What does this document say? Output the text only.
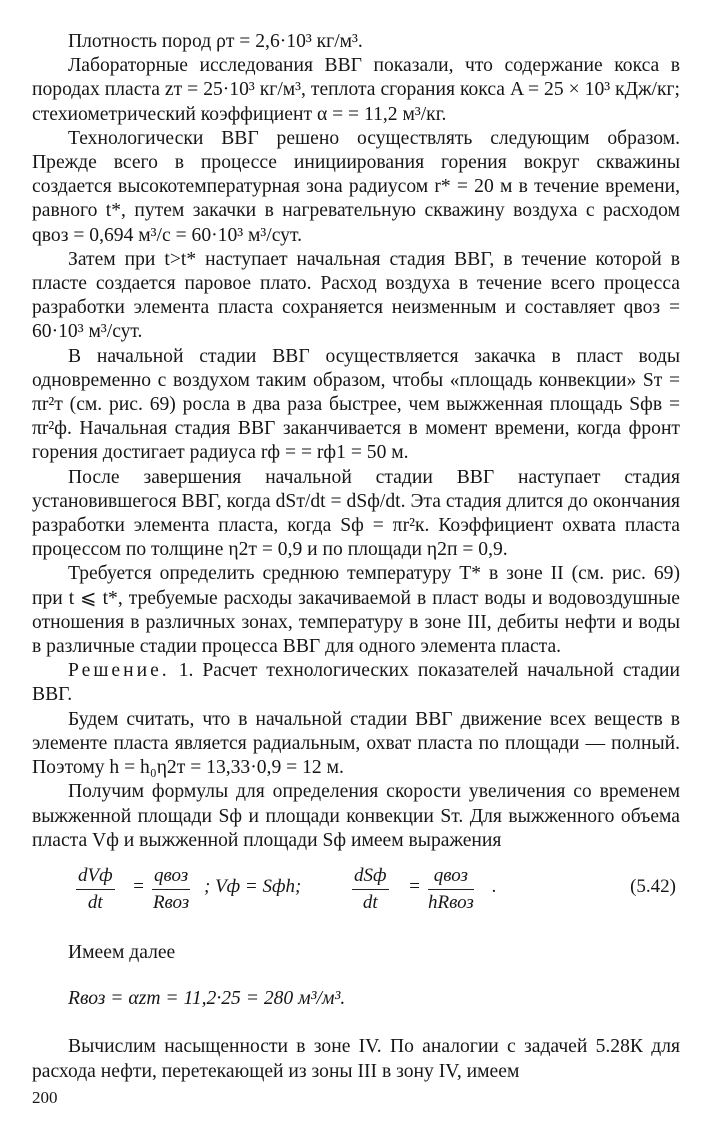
Плотность пород ρт = 2,6·10³ кг/м³.

Лабораторные исследования ВВГ показали, что содержание кокса в породах пласта zт = 25·10³ кг/м³, теплота сгорания кокса A = 25 × 10³ кДж/кг; стехиометрический коэффициент α = = 11,2 м³/кг.

Технологически ВВГ решено осуществлять следующим образом. Прежде всего в процессе инициирования горения вокруг скважины создается высокотемпературная зона радиусом r* = 20 м в течение времени, равного t*, путем закачки в нагревательную скважину воздуха с расходом qвоз = 0,694 м³/с = 60·10³ м³/сут.

Затем при t>t* наступает начальная стадия ВВГ, в течение которой в пласте создается паровое плато. Расход воздуха в течение всего процесса разработки элемента пласта сохраняется неизменным и составляет qвоз = 60·10³ м³/сут.

В начальной стадии ВВГ осуществляется закачка в пласт воды одновременно с воздухом таким образом, чтобы «площадь конвекции» Sт = πr²т (см. рис. 69) росла в два раза быстрее, чем выжженная площадь Sфв = πr²ф. Начальная стадия ВВГ заканчивается в момент времени, когда фронт горения достигает радиуса rф = = rф1 = 50 м.

После завершения начальной стадии ВВГ наступает стадия установившегося ВВГ, когда dSт/dt = dSф/dt. Эта стадия длится до окончания разработки элемента пласта, когда Sф = πr²к. Коэффициент охвата пласта процессом по толщине η2т = 0,9 и по площади η2п = 0,9.

Требуется определить среднюю температуру T* в зоне II (см. рис. 69) при t ⩽ t*, требуемые расходы закачиваемой в пласт воды и водовоздушные отношения в различных зонах, температуру в зоне III, дебиты нефти и воды в различные стадии процесса ВВГ для одного элемента пласта.

Решение. 1. Расчет технологических показателей начальной стадии ВВГ.

Будем считать, что в начальной стадии ВВГ движение всех веществ в элементе пласта является радиальным, охват пласта по площади — полный. Поэтому h = h₀η2т = 13,33·0,9 = 12 м.

Получим формулы для определения скорости увеличения со временем выжженной площади Sф и площади конвекции Sт. Для выжженного объема пласта Vф и выжженной площади Sф имеем выражения

dVф
dt
=
qвоз
Rвоз
; Vф = Sфh;
dSф
dt
=
qвоз
hRвоз
.	(5.42)

Имеем далее

Rвоз = αzт = 11,2·25 = 280 м³/м³.

Вычислим насыщенности в зоне IV. По аналогии с задачей 5.28К для расхода нефти, перетекающей из зоны III в зону IV, имеем

200
